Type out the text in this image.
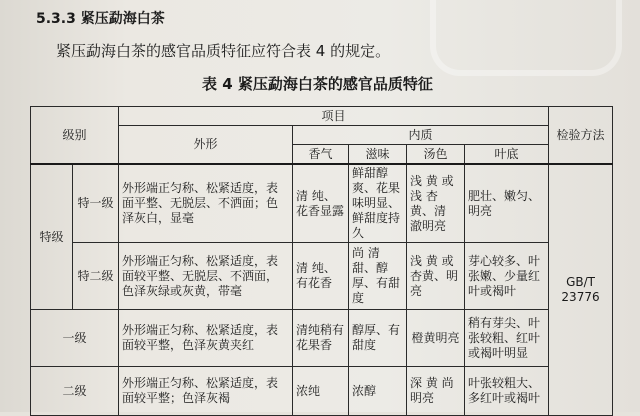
5.3.3 紧压勐海白茶
紧压勐海白茶的感官品质特征应符合表 4 的规定。
表 4 紧压勐海白茶的感官品质特征
级别		项目					检验方法
		外形	内质				
			香气	滋味	汤色	叶底	
特级	特一级	外形端正匀称、松紧适度，表面平整、无脱层、不洒面；色泽灰白，显毫	清 纯、花香显露	鲜甜醇爽、花果味明显、鲜甜度持久	浅 黄 或浅 杏 黄、清 澈明亮	肥壮、嫩匀、明亮	GB/T 23776
	特二级	外形端正匀称、松紧适度，表面较平整、无脱层、不洒面，色泽灰绿或灰黄，带毫	清 纯、有花香	尚 清 甜、醇厚、有甜度	浅 黄 或杏黄、明亮	芽心较多、叶张嫩、少量红叶或褐叶	
一级		外形端正匀称、松紧适度，表面较平整，色泽灰黄夹红	清纯稍有花果香	醇厚、有甜度	橙黄明亮	稍有芽尖、叶张较粗、红叶或褐叶明显	
二级		外形端正匀称、松紧适度，表面较平整；色泽灰褐	浓纯	浓醇	深 黄 尚明亮	叶张较粗大、多红叶或褐叶	
